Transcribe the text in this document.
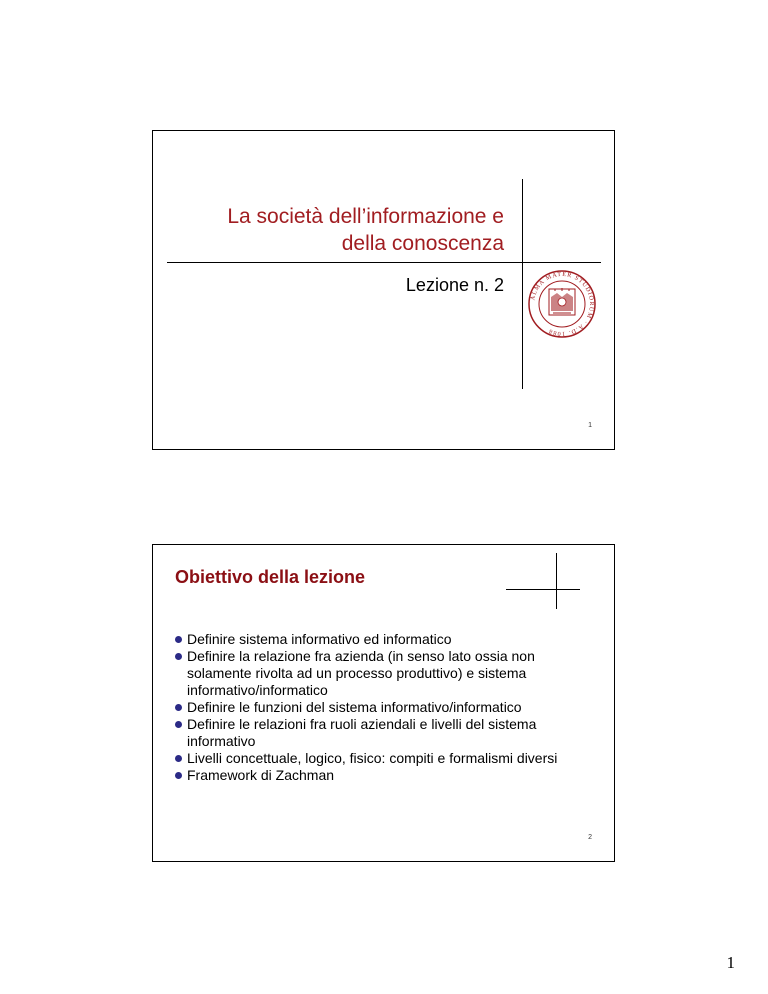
La società dell’informazione e
della conoscenza
Lezione n. 2
ALMA MATER STUDIORUM · A.D. 1088
1
Obiettivo della lezione
Definire sistema informativo ed informatico
Definire la relazione fra azienda (in senso lato ossia non solamente rivolta ad un processo produttivo) e sistema informativo/informatico
Definire le funzioni del sistema informativo/informatico
Definire le relazioni fra ruoli aziendali e livelli del sistema informativo
Livelli concettuale, logico, fisico: compiti e formalismi diversi
Framework di Zachman
2
1
